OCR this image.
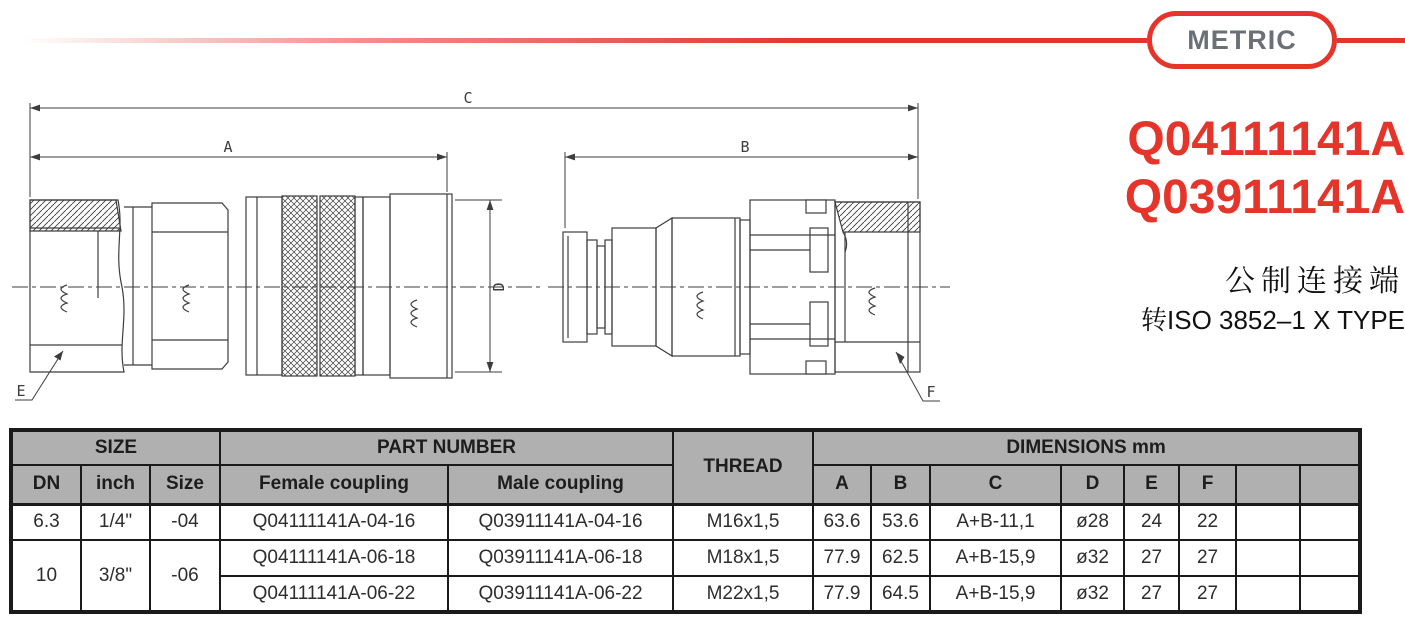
METRIC
Q04111141A
Q03911141A
公制连接端
转ISO 3852–1 X TYPE
A	B
C
D
E	F
SIZE			PART NUMBER		THREAD	DIMENSIONS mm							
DN	inch	Size	Female coupling	Male coupling		A	B	C	D	E	F		
6.3	1/4"	-04	Q04111141A-04-16	Q03911141A-04-16	M16x1,5	63.6	53.6	A+B-11,1	ø28	24	22		
10	3/8"	-06	Q04111141A-06-18	Q03911141A-06-18	M18x1,5	77.9	62.5	A+B-15,9	ø32	27	27		
			Q04111141A-06-22	Q03911141A-06-22	M22x1,5	77.9	64.5	A+B-15,9	ø32	27	27		
